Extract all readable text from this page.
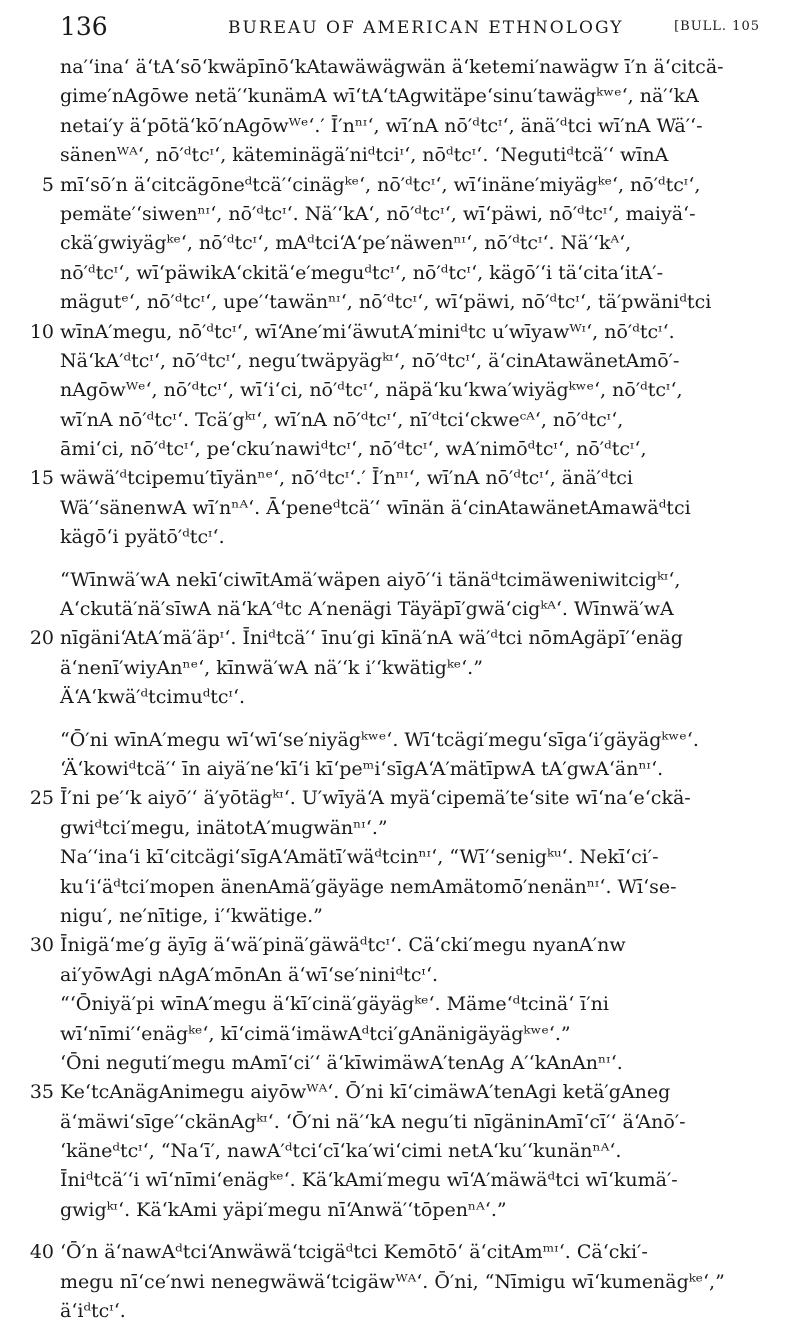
136	BUREAU OF AMERICAN ETHNOLOGY	[BULL. 105
na′ʻinaʻ äʻtAʻsōʻkwäpīnōʻkAtawäwägwän äʻketemi′nawägw ī′n äʻcitcä-
gime′nAgōwe netä′ʻkunämA wīʻtAʻtAgwitäpeʻsinu′tawägᵏʷᵉʻ, nä′ʻkA
netai′y äʻpōtäʻkō′nAgōwᵂᵉʻ.′ Ī′nⁿᶦʻ, wī′nA nō′ᵈtcᶦʻ, änä′ᵈtci wī′nA Wä′ʻ-
sänenᵂᴬʻ, nō′ᵈtcᶦʻ, käteminägä′niᵈtciᶦʻ, nōᵈtcᶦʻ. ʻNegutiᵈtcä′ʻ wīnA
5 mīʻsō′n äʻcitcägōneᵈtcä′ʻcinägᵏᵉʻ, nō′ᵈtcᶦʻ, wīʻinäne′miyägᵏᵉʻ, nō′ᵈtcᶦʻ,
pemäte′ʻsiwenⁿᶦʻ, nō′ᵈtcᶦʻ. Nä′ʻkAʻ, nō′ᵈtcᶦʻ, wīʻpäwi, nō′ᵈtcᶦʻ, maiyäʻ-
ckä′gwiyägᵏᵉʻ, nō′ᵈtcᶦʻ, mAᵈtciʻAʻpe′näwenⁿᶦʻ, nō′ᵈtcᶦʻ. Nä′ʻkᴬʻ,
nō′ᵈtcᶦʻ, wīʻpäwikAʻckitäʻe′meguᵈtcᶦʻ, nō′ᵈtcᶦʻ, kägō′ʻi täʻcitaʻitA′-
mägutᵉʻ, nō′ᵈtcᶦʻ, upe′ʻtawänⁿᶦʻ, nō′ᵈtcᶦʻ, wīʻpäwi, nō′ᵈtcᶦʻ, tä′pwäniᵈtci
10 wīnA′megu, nō′ᵈtcᶦʻ, wīʻAne′miʻäwutA′miniᵈtc u′wīyawᵂᶦʻ, nō′ᵈtcᶦʻ.
NäʻkA′ᵈtcᶦʻ, nō′ᵈtcᶦʻ, negu′twäpyägᵏᶦʻ, nō′ᵈtcᶦʻ, äʻcinAtawänetAmō′-
nAgōwᵂᵉʻ, nō′ᵈtcᶦʻ, wīʻiʻci, nō′ᵈtcᶦʻ, näpäʻkuʻkwa′wiyägᵏʷᵉʻ, nō′ᵈtcᶦʻ,
wī′nA nō′ᵈtcᶦʻ. Tcä′gᵏᶦʻ, wī′nA nō′ᵈtcᶦʻ, nī′ᵈtciʻckweᶜᴬʻ, nō′ᵈtcᶦʻ,
āmiʻci, nō′ᵈtcᶦʻ, peʻcku′nawiᵈtcᶦʻ, nō′ᵈtcᶦʻ, wA′nimōᵈtcᶦʻ, nō′ᵈtcᶦʻ,
15 wäwä′ᵈtcipemu′tīyänⁿᵉʻ, nō′ᵈtcᶦʻ.′ Ī′nⁿᶦʻ, wī′nA nō′ᵈtcᶦʻ, änä′ᵈtci
Wä′ʻsänenwA wī′nⁿᴬʻ. Āʻpeneᵈtcä′ʻ wīnän äʻcinAtawänetAmawäᵈtci
kägōʻi pyätō′ᵈtcᶦʻ.
“Wīnwä′wA nekīʻciwītAmä′wäpen aiyō′ʻi tänäᵈtcimäweniwitcigᵏᶦʻ,
Aʻckutä′nä′sīwA näʻkA′ᵈtc A′nenägi Täyäpī′gwäʻcigᵏᴬʻ. Wīnwä′wA
20 nīgäniʻAtA′mä′äpᶦʻ. Īniᵈtcä′ʻ īnu′gi kīnä′nA wä′ᵈtci nōmAgäpī′ʻenäg
äʻnenī′wiyAnⁿᵉʻ, kīnwä′wA nä′ʻk i′ʻkwätigᵏᵉʻ.”
ÄʻAʻkwä′ᵈtcimuᵈtcᶦʻ.
“Ō′ni wīnA′megu wīʻwīʻse′niyägᵏʷᵉʻ. Wīʻtcägi′meguʻsīgaʻi′gäyägᵏʷᵉʻ.
ʻÄʻkowiᵈtcä′ʻ īn aiyä′neʻkīʻi kīʻpeᵐiʻsīgAʻA′mätīpwA tA′gwAʻänⁿᶦʻ.
25 Ī′ni pe′ʻk aiyō′ʻ ä′yōtägᵏᶦʻ. U′wīyäʻA myäʻcipemä′teʻsite wīʻnaʻeʻckä-
gwiᵈtci′megu, inätotA′mugwänⁿᶦʻ.”
Na′ʻinaʻi kīʻcitcägiʻsīgAʻAmätī′wäᵈtcinⁿᶦʻ, “Wī′ʻsenigᵏᵘʻ. Nekīʻci′-
kuʻiʻäᵈtci′mopen änenAmä′gäyäge nemAmätomō′nenänⁿᶦʻ. Wīʻse-
nigu′, ne′nītige, i′ʻkwätige.”
30 Īnigäʻme′g äyīg äʻwä′pinä′gäwäᵈtcᶦʻ. Cäʻcki′megu nyanA′nw
ai′yōwAgi nAgA′mōnAn äʻwīʻse′niniᵈtcᶦʻ.
“ʻŌniyä′pi wīnA′megu äʻkī′cinä′gäyägᵏᵉʻ. Mämeʻᵈtcinäʻ ī′ni
wīʻnīmi′ʻenägᵏᵉʻ, kīʻcimäʻimäwAᵈtci′gAnänigäyägᵏʷᵉʻ.”
ʻŌni neguti′megu mAmīʻci′ʻ äʻkīwimäwA′tenAg A′ʻkAnAnⁿᶦʻ.
35 KeʻtcAnägAnimegu aiyōwᵂᴬʻ. Ō′ni kīʻcimäwA′tenAgi ketä′gAneg
äʻmäwiʻsīge′ʻckänAgᵏᶦʻ. ʻŌ′ni nä′ʻkA negu′ti nīgäninAmīʻcī′ʻ äʻAnō′-
ʻkäneᵈtcᶦʻ, “Naʻī′, nawA′ᵈtciʻcīʻka′wiʻcimi netAʻku′ʻkunänⁿᴬʻ.
Īniᵈtcä′ʻi wīʻnīmiʻenägᵏᵉʻ. KäʻkAmi′megu wīʻA′mäwäᵈtci wīʻkumä′-
gwigᵏᶦʻ. KäʻkAmi yäpi′megu nīʻAnwä′ʻtōpenⁿᴬʻ.”
40 ʻŌ′n äʻnawAᵈtciʻAnwäwäʻtcigäᵈtci Kemōtōʻ äʻcitAmᵐᶦʻ. Cäʻcki′-
megu nīʻce′nwi nenegwäwäʻtcigäwᵂᴬʻ. Ō′ni, “Nīmigu wīʻkumenägᵏᵉʻ,”
äʻiᵈtcᶦʻ.
